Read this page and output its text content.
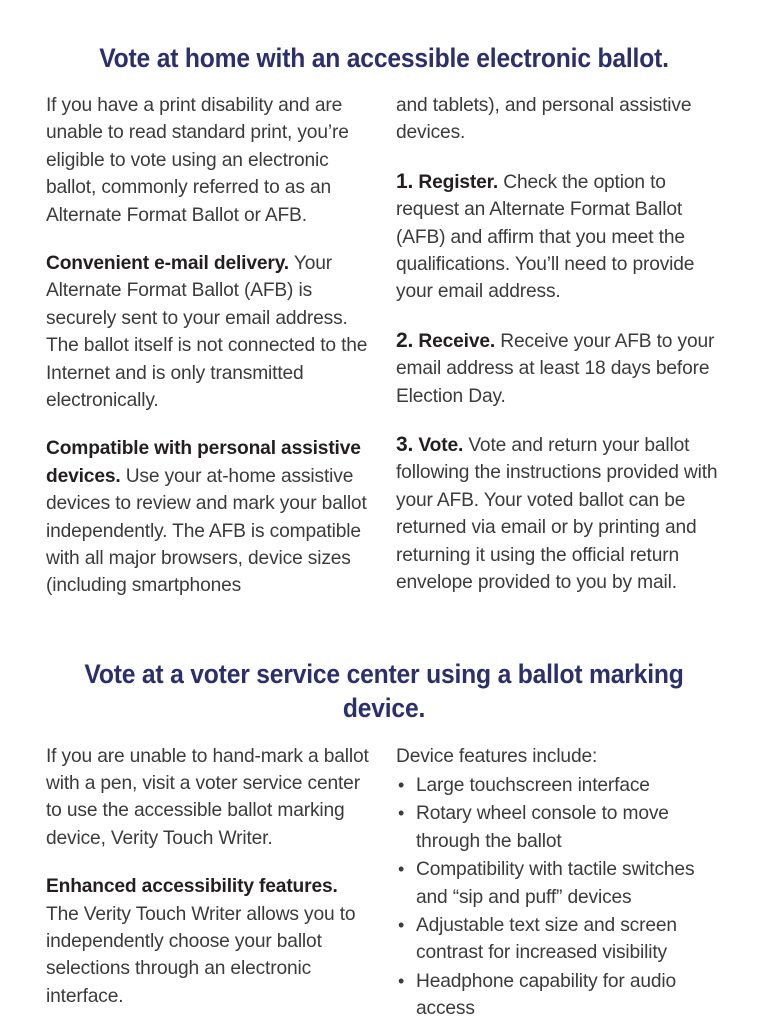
Vote at home with an accessible electronic ballot.

If you have a print disability and are unable to read standard print, you’re eligible to vote using an electronic ballot, commonly referred to as an Alternate Format Ballot or AFB.

Convenient e-mail delivery. Your Alternate Format Ballot (AFB) is securely sent to your email address. The ballot itself is not connected to the Internet and is only transmitted electronically.

Compatible with personal assistive devices. Use your at-home assistive devices to review and mark your ballot independently. The AFB is compatible with all major browsers, device sizes (including smartphones

and tablets), and personal assistive devices.

1. Register. Check the option to request an Alternate Format Ballot (AFB) and affirm that you meet the qualifications. You’ll need to provide your email address.

2. Receive. Receive your AFB to your email address at least 18 days before Election Day.

3. Vote. Vote and return your ballot following the instructions provided with your AFB. Your voted ballot can be returned via email or by printing and returning it using the official return envelope provided to you by mail.

Vote at a voter service center using a ballot marking device.

If you are unable to hand-mark a ballot with a pen, visit a voter service center to use the accessible ballot marking device, Verity Touch Writer.

Enhanced accessibility features. The Verity Touch Writer allows you to independently choose your ballot selections through an electronic interface.

Device features include:

• Large touchscreen interface
• Rotary wheel console to move through the ballot
• Compatibility with tactile switches and “sip and puff” devices
• Adjustable text size and screen contrast for increased visibility
• Headphone capability for audio access
